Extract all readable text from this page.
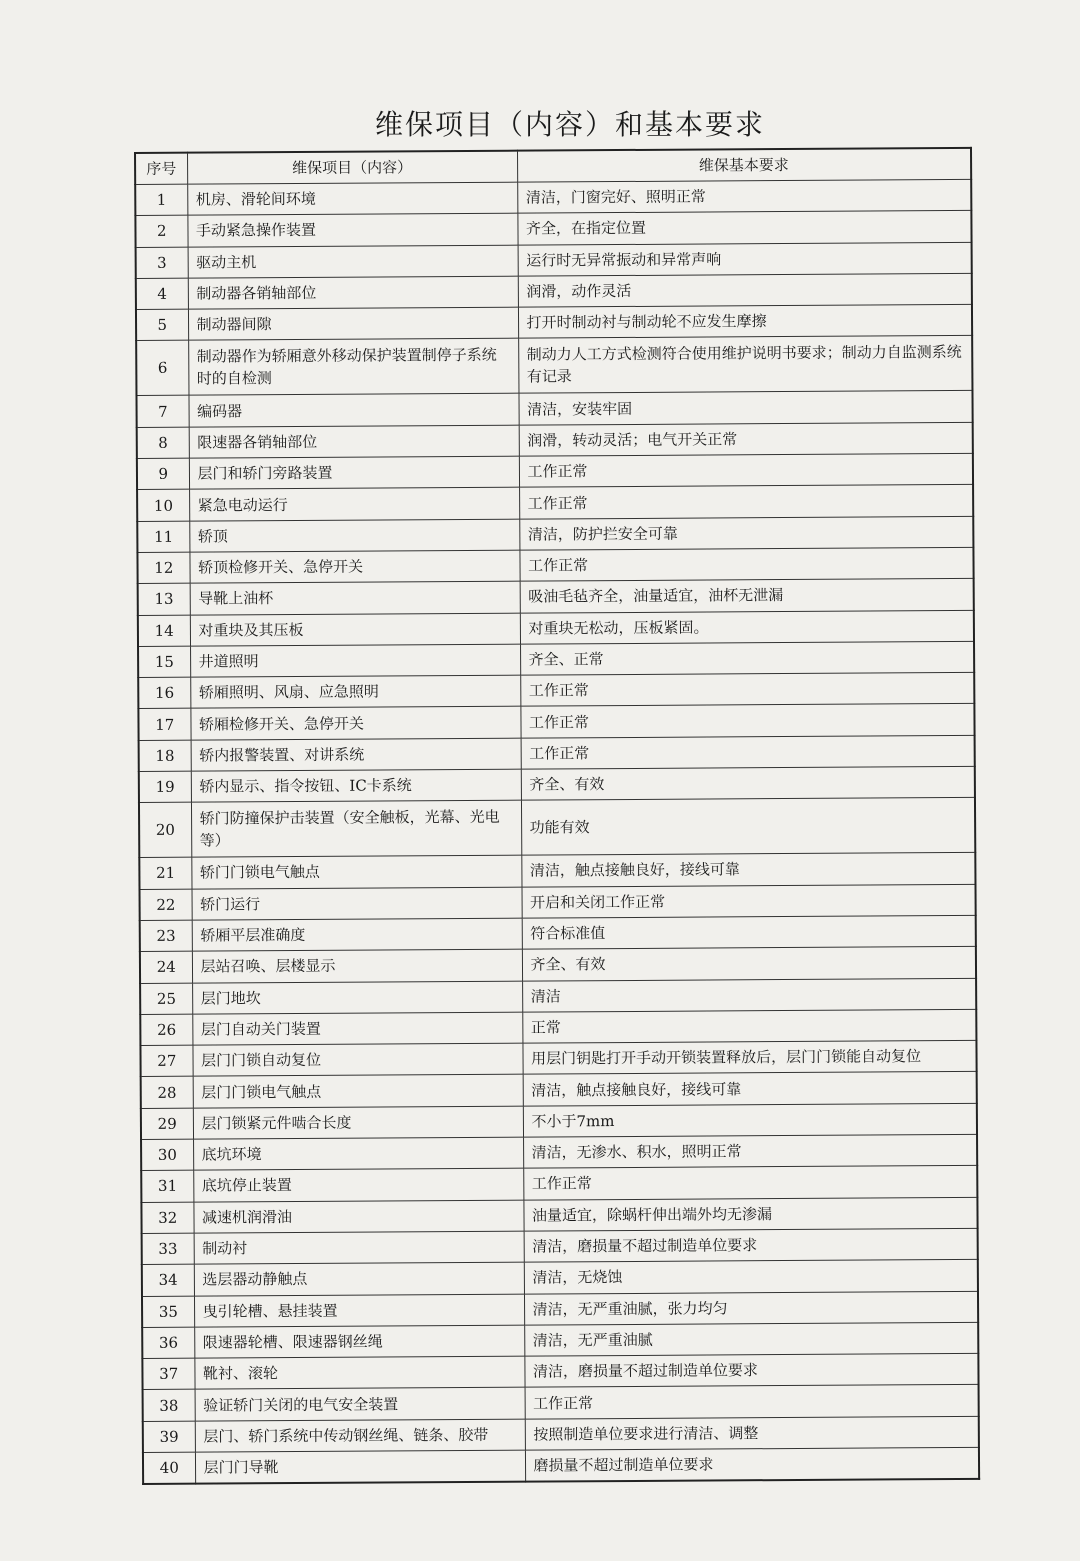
维保项目（内容）和基本要求
序号	维保项目（内容）	维保基本要求
1	机房、滑轮间环境	清洁，门窗完好、照明正常
2	手动紧急操作装置	齐全，在指定位置
3	驱动主机	运行时无异常振动和异常声响
4	制动器各销轴部位	润滑，动作灵活
5	制动器间隙	打开时制动衬与制动轮不应发生摩擦
6	制动器作为轿厢意外移动保护装置制停子系统时的自检测	制动力人工方式检测符合使用维护说明书要求；制动力自监测系统有记录
7	编码器	清洁，安装牢固
8	限速器各销轴部位	润滑，转动灵活；电气开关正常
9	层门和轿门旁路装置	工作正常
10	紧急电动运行	工作正常
11	轿顶	清洁，防护拦安全可靠
12	轿顶检修开关、急停开关	工作正常
13	导靴上油杯	吸油毛毡齐全，油量适宜，油杯无泄漏
14	对重块及其压板	对重块无松动，压板紧固。
15	井道照明	齐全、正常
16	轿厢照明、风扇、应急照明	工作正常
17	轿厢检修开关、急停开关	工作正常
18	轿内报警装置、对讲系统	工作正常
19	轿内显示、指令按钮、IC卡系统	齐全、有效
20	轿门防撞保护击装置（安全触板，光幕、光电等）	功能有效
21	轿门门锁电气触点	清洁，触点接触良好，接线可靠
22	轿门运行	开启和关闭工作正常
23	轿厢平层准确度	符合标准值
24	层站召唤、层楼显示	齐全、有效
25	层门地坎	清洁
26	层门自动关门装置	正常
27	层门门锁自动复位	用层门钥匙打开手动开锁装置释放后，层门门锁能自动复位
28	层门门锁电气触点	清洁，触点接触良好，接线可靠
29	层门锁紧元件啮合长度	不小于7mm
30	底坑环境	清洁，无渗水、积水，照明正常
31	底坑停止装置	工作正常
32	减速机润滑油	油量适宜，除蜗杆伸出端外均无渗漏
33	制动衬	清洁，磨损量不超过制造单位要求
34	选层器动静触点	清洁，无烧蚀
35	曳引轮槽、悬挂装置	清洁，无严重油腻，张力均匀
36	限速器轮槽、限速器钢丝绳	清洁，无严重油腻
37	靴衬、滚轮	清洁，磨损量不超过制造单位要求
38	验证轿门关闭的电气安全装置	工作正常
39	层门、轿门系统中传动钢丝绳、链条、胶带	按照制造单位要求进行清洁、调整
40	层门门导靴	磨损量不超过制造单位要求
